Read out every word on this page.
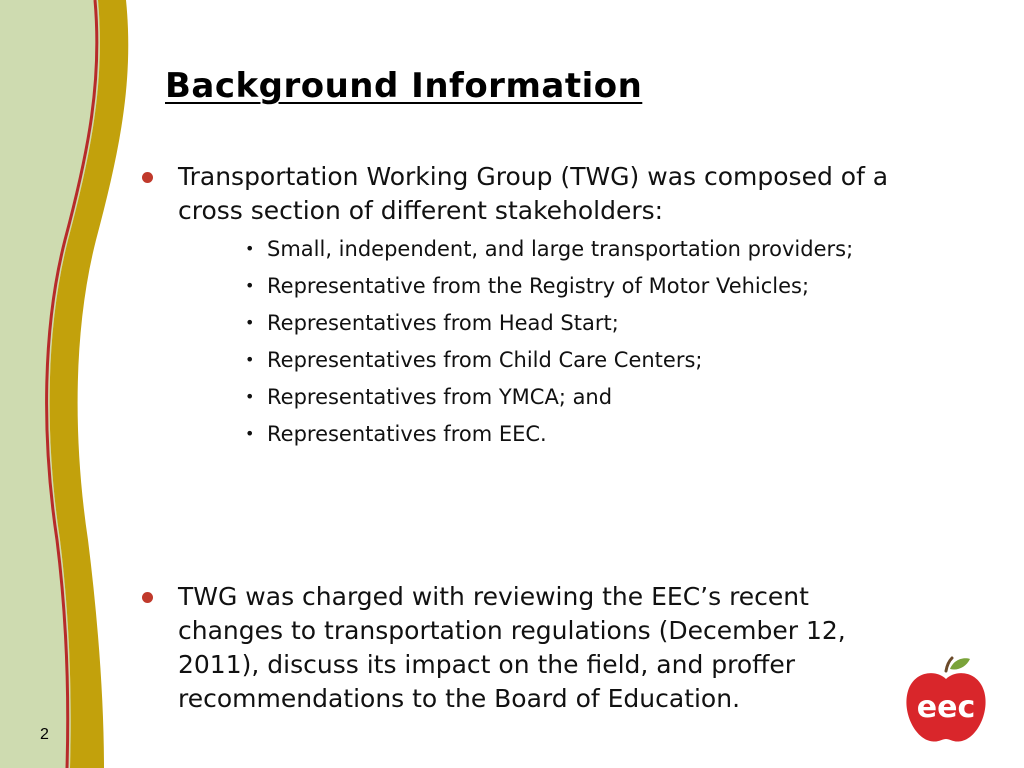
Background Information
Transportation Working Group (TWG) was composed of a cross section of different stakeholders:
• Small, independent, and large transportation providers;
• Representative from the Registry of Motor Vehicles;
• Representatives from Head Start;
• Representatives from Child Care Centers;
• Representatives from YMCA; and
• Representatives from EEC.
TWG was charged with reviewing the EEC’s recent changes to transportation regulations (December 12, 2011), discuss its impact on the field, and proffer recommendations to the Board of Education.
2
eec
